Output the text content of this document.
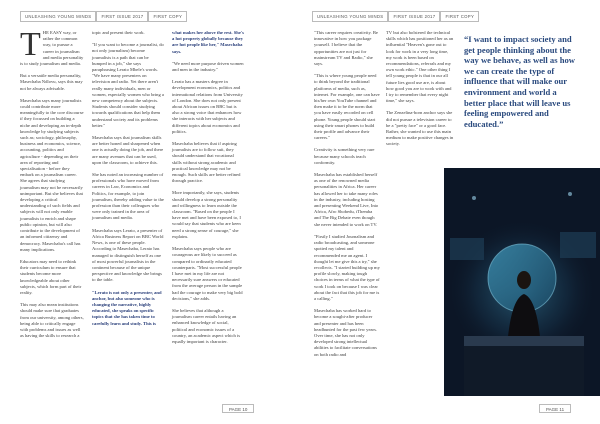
UNLEASHING YOUNG MINDS	FIRST ISSUE 2017	FIRST COPY
T HE EASY way, or rather the common way, to pursue a career in journalism and media personality is to study journalism and media.

But a versatile media personality, Masechaba Ndlovu, says this may not be always advisable.

Masechaba says many journalists could contribute more meaningfully to the core discourse if they focussed on building a niche and developing an in-depth knowledge by studying subjects such as; sociology, philosophy, business and economics, science, accounting, politics and agriculture - depending on their area of reporting and specialisation - before they embark on a journalism career. She agrees that studying journalism may not be necessarily unimportant. But she believes that developing a critical understanding of such fields and subjects will not only enable journalists to enrich and shape public opinion, but will also contribute to the development of an informed citizenry and democracy. Masechaba's call has many implications.

Educators may need to rethink their curriculum to ensure that students become more knowledgeable about other subjects, which form part of their reality.

This may also mean institutions should make sure that graduates from our university, among others, being able to critically engage with problems and issues as well as having the skills to research a

topic and present their work.

"If you want to become a journalist, do not only journalism) become journalists is a path that can be bumped in a job," she says paraphrasing Lerato Mbele's words. "We have many presenters on television and radio. Yet there aren't really many individuals, men or women, especially women who bring a new competency about the subjects. Students should consider studying towards qualifications that help them understand society and its problems better."

Masechaba says that journalism skills are better honed and sharpened when one is actually doing the job, and there are many avenues that can be used, upon the classroom, to achieve this.

She has noted an increasing number of professionals who have moved from careers in Law, Economics and Politics, for example, to join journalism, thereby adding value to the profession than their colleagues who were only trained in the area of journalism and media.

Masechaba says Lerato, a presenter of Africa Business Report on BBC World News, is one of these people. According to Masechaba, Lerato has managed to distinguish herself as one of most powerful journalists in the continent because of the unique perspective and knowledge she brings to the table.

"Lerato is not only a presenter, and anchor, but also someone who is changing the narrative, highly educated, she speaks on specific topics that she has taken time to carefully learn and study. This is

what makes her above the rest. She's a hot property globally because they are hot people like her," Masechaba says.

"We need more purpose driven women and men in the industry."

Lerato has a masters degree in development economics, politics and international relations from University of London. She does not only present about African issues on BBC but is also a strong voice that enhances how she interacts with her subjects and different topics about economics and politics.

Masechaba believes that if aspiring journalists are to follow suit, they should understand that vocational skills without strong academic and practical knowledge may not be enough. Such skills are better refined through practice.

More importantly, she says, students should develop a strong personality and willingness to learn outside the classroom. "Based on the people I have met and have been exposed to, I would say that students who are keen need a strong sense of courage," she explains.

Masechaba says people who are courageous are likely to succeed as compared to ordinarily educated counterparts. "Most successful people I have met in my life are not necessarily sure answers or educated from the average person in the sample had the courage to make very big bold decisions," she adds.

She believes that although a journalism career entails having an enhanced knowledge of social, political and economic issues of a country, an academic aspect which is equally important is character.

PAGE 10
UNLEASHING YOUNG MINDS	FIRST ISSUE 2017	FIRST COPY

"This career requires creativity. Be innovative in how you package yourself. I believe that the opportunities are not just for mainstream TV and Radio," she says.

"This is where young people need to think beyond the traditional platforms of media, such as, internet. For example, one can have his/her own YouTube channel and then make it to be the norm that you have easily recorded on cell phone. Young people should start using their smart phones to build their profile and advance their careers."

Creativity is something very rare because many schools teach conformity.

Masechaba has established herself as one of the renowned media personalities in Africa. Her career has allowed her to take many roles in the industry, including hosting and presenting Weekend Live, Into Africa, Afro Shobedu, iThemba and The Big Debate even though she never intended to work on TV.

"Firstly I studied Journalism and radio broadcasting, and someone spotted my talent and recommended me an agent. I thought let me give this a try," she recollects. "I started building up my profile slowly, making tough choices in terms of what the type of work I took on because I was clear about the fact that this job for me is a calling."

Masechaba has worked hard to become a sought-after producer and presenter and has been headhunted for the past few years. Over time, she has not only developed strong intellectual abilities to facilitate conversations on both radio and

TV but also bolstered the technical skills which has positioned her as an influential "Heaven's gone out to look for work in a very long time, my work is been based on recommendations, referrals and my own work ethic." One other thing I tell young people is that in our all future lies good use are, is about how good you are to work with and I try to remember that every night time," she says.

The Zenzelina-born anchor says she did not pursue a television career to be a "pretty face" or a good face. Rather, she wanted to use this main medium to make positive changes in society.

“I want to impact society and get people thinking about the way we behave, as well as how we can create the type of influence that will make our environment and world a better place that will leave us feeling empowered and educated.”
PAGE 11
